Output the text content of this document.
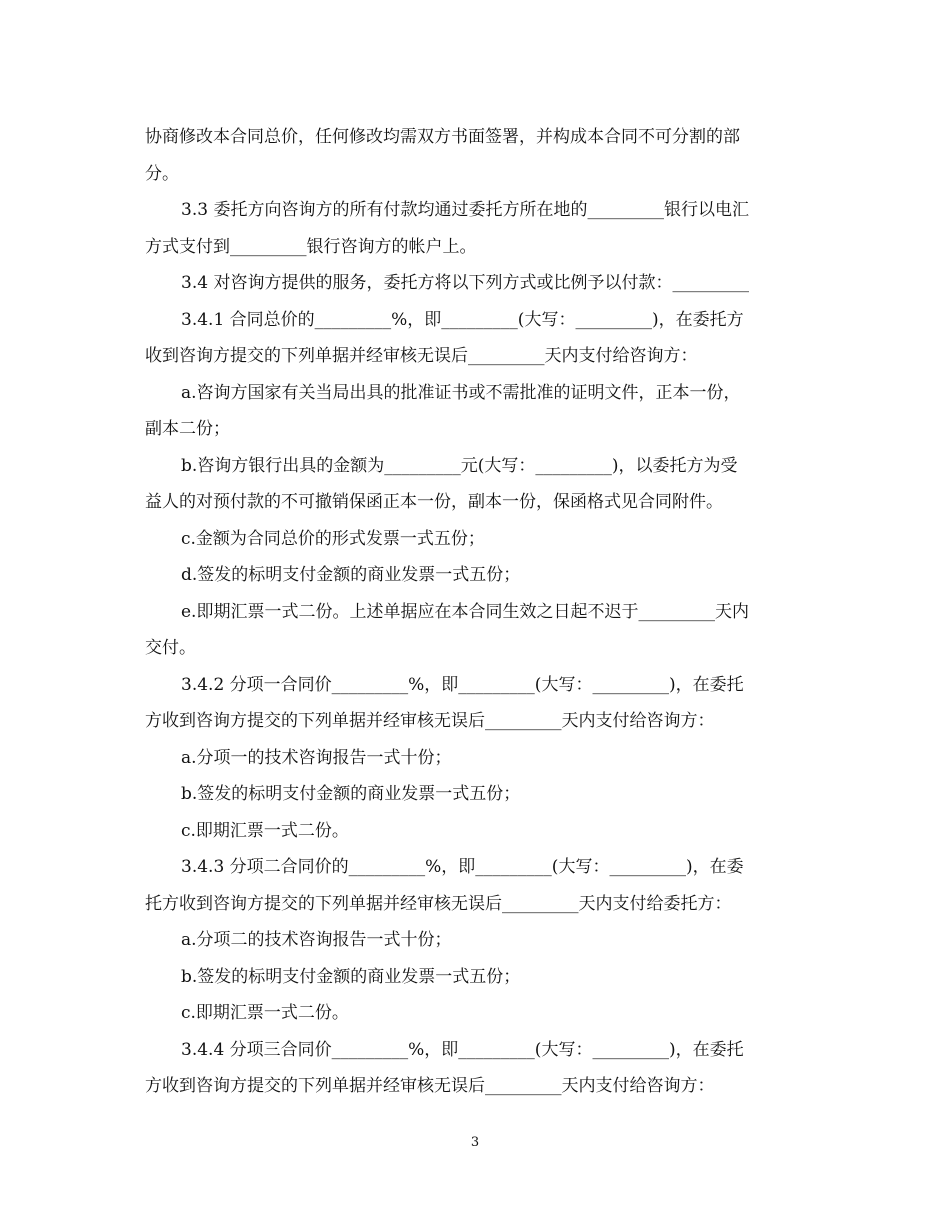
协商修改本合同总价，任何修改均需双方书面签署，并构成本合同不可分割的部
分。
3.3 委托方向咨询方的所有付款均通过委托方所在地的_________银行以电汇
方式支付到_________银行咨询方的帐户上。
3.4 对咨询方提供的服务，委托方将以下列方式或比例予以付款：_________
3.4.1 合同总价的_________%，即_________(大写：_________)，在委托方
收到咨询方提交的下列单据并经审核无误后_________天内支付给咨询方：
a.咨询方国家有关当局出具的批准证书或不需批准的证明文件，正本一份，
副本二份；
b.咨询方银行出具的金额为_________元(大写：_________)，以委托方为受
益人的对预付款的不可撤销保函正本一份，副本一份，保函格式见合同附件。
c.金额为合同总价的形式发票一式五份；
d.签发的标明支付金额的商业发票一式五份；
e.即期汇票一式二份。上述单据应在本合同生效之日起不迟于_________天内
交付。
3.4.2 分项一合同价_________%，即_________(大写：_________)，在委托
方收到咨询方提交的下列单据并经审核无误后_________天内支付给咨询方：
a.分项一的技术咨询报告一式十份；
b.签发的标明支付金额的商业发票一式五份；
c.即期汇票一式二份。
3.4.3 分项二合同价的_________%，即_________(大写：_________)，在委
托方收到咨询方提交的下列单据并经审核无误后_________天内支付给委托方：
a.分项二的技术咨询报告一式十份；
b.签发的标明支付金额的商业发票一式五份；
c.即期汇票一式二份。
3.4.4 分项三合同价_________%，即_________(大写：_________)，在委托
方收到咨询方提交的下列单据并经审核无误后_________天内支付给咨询方：
3
